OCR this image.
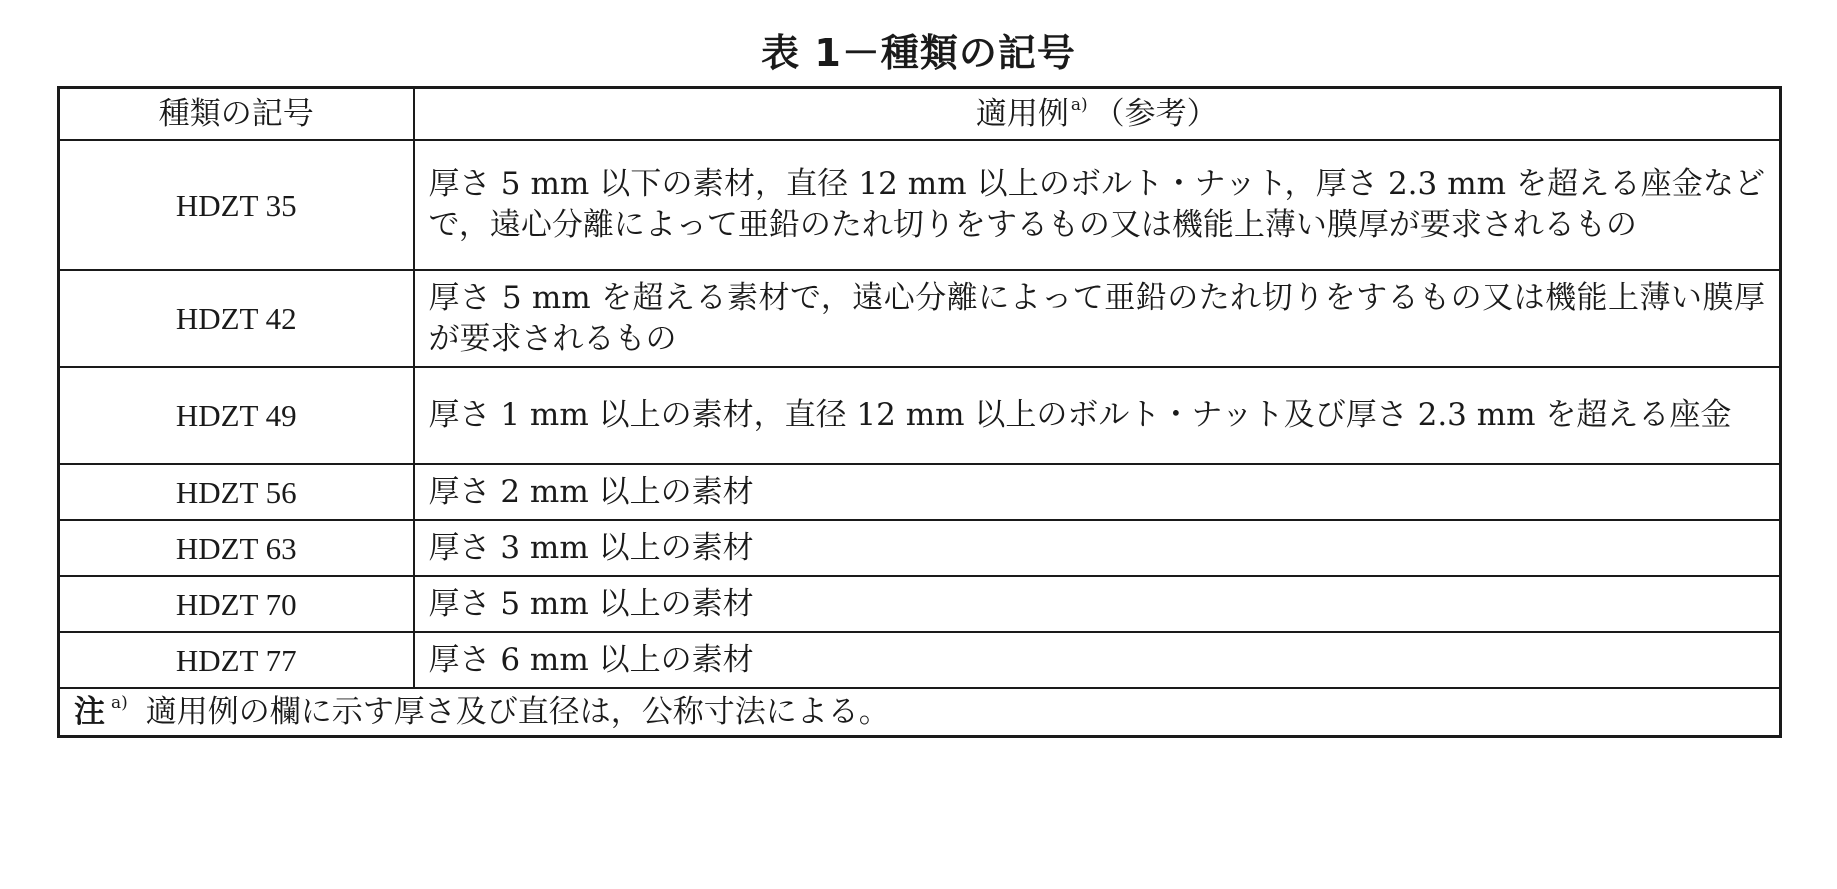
表 1－種類の記号
種類の記号	適用例 $^{a)}$ （参考）
HDZT 35	厚さ 5 mm 以下の素材，直径 12 mm 以上のボルト・ナット，厚さ 2.3 mm を超える座金などで，遠心分離によって亜鉛のたれ切りをするもの又は機能上薄い膜厚が要求されるもの
HDZT 42	厚さ 5 mm を超える素材で，遠心分離によって亜鉛のたれ切りをするもの又は機能上薄い膜厚が要求されるもの
HDZT 49	厚さ 1 mm 以上の素材，直径 12 mm 以上のボルト・ナット及び厚さ 2.3 mm を超える座金
HDZT 56	厚さ 2 mm 以上の素材
HDZT 63	厚さ 3 mm 以上の素材
HDZT 70	厚さ 5 mm 以上の素材
HDZT 77	厚さ 6 mm 以上の素材
注 $^{a)}$ 適用例の欄に示す厚さ及び直径は，公称寸法による。	
